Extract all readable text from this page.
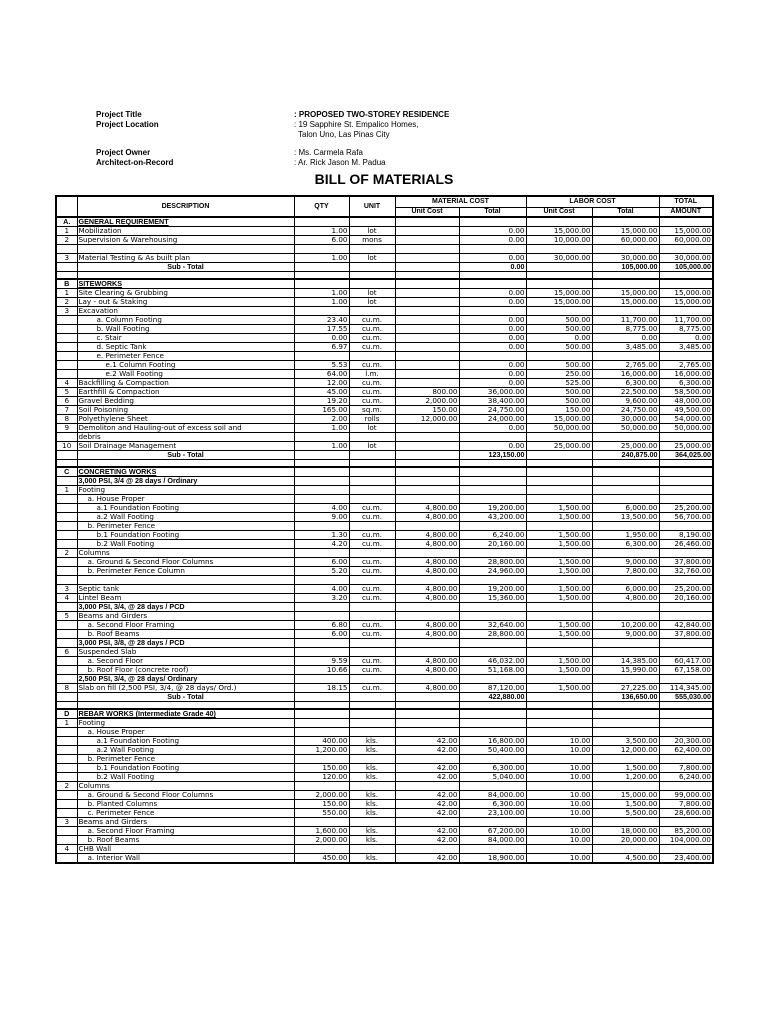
Project Title	: PROPOSED TWO-STOREY RESIDENCE
Project Location	: 19 Sapphire St. Empalico Homes,
Talon Uno, Las Pinas City
Project Owner	: Ms. Carmela Rafa
Architect-on-Record	: Ar. Rick Jason M. Padua
BILL OF MATERIALS
	DESCRIPTION	QTY	UNIT	MATERIAL COST		LABOR COST		TOTAL
				Unit Cost	Total	Unit Cost	Total	AMOUNT
A.	GENERAL REQUIREMENT							
1	Mobilization	1.00	lot		0.00	15,000.00	15,000.00	15,000.00
2	Supervision & Warehousing	6.00	mons		0.00	10,000.00	60,000.00	60,000.00

3	Material Testing & As built plan	1.00	lot		0.00	30,000.00	30,000.00	30,000.00
	Sub - Total				0.00		105,000.00	105,000.00

B	SITEWORKS							
1	Site Clearing & Grubbing	1.00	lot		0.00	15,000.00	15,000.00	15,000.00
2	Lay - out & Staking	1.00	lot		0.00	15,000.00	15,000.00	15,000.00
3	Excavation							
	a. Column Footing	23.40	cu.m.		0.00	500.00	11,700.00	11,700.00
	b. Wall Footing	17.55	cu.m.		0.00	500.00	8,775.00	8,775.00
	c. Stair	0.00	cu.m.		0.00	0.00	0.00	0.00
	d. Septic Tank	6.97	cu.m.		0.00	500.00	3,485.00	3,485.00
	e. Perimeter Fence							
	e.1 Column Footing	5.53	cu.m.		0.00	500.00	2,765.00	2,765.00
	e.2 Wall Footing	64.00	l.m.		0.00	250.00	16,000.00	16,000.00
4	Backfilling & Compaction	12.00	cu.m.		0.00	525.00	6,300.00	6,300.00
5	Earthfill & Compaction	45.00	cu.m.	800.00	36,000.00	500.00	22,500.00	58,500.00
6	Gravel Bedding	19.20	cu.m.	2,000.00	38,400.00	500.00	9,600.00	48,000.00
7	Soil Poisoning	165.00	sq.m.	150.00	24,750.00	150.00	24,750.00	49,500.00
8	Polyethylene Sheet	2.00	rolls	12,000.00	24,000.00	15,000.00	30,000.00	54,000.00
9	Demoliton and Hauling-out of excess soil and	1.00	lot		0.00	50,000.00	50,000.00	50,000.00
	debris							
10	Soil Drainage Management	1.00	lot		0.00	25,000.00	25,000.00	25,000.00
	Sub - Total				123,150.00		240,875.00	364,025.00

C	CONCRETING WORKS							
	3,000 PSI, 3/4 @ 28 days / Ordinary							
1	Footing							
	a. House Proper							
	a.1 Foundation Footing	4.00	cu.m.	4,800.00	19,200.00	1,500.00	6,000.00	25,200.00
	a.2 Wall Footing	9.00	cu.m.	4,800.00	43,200.00	1,500.00	13,500.00	56,700.00
	b. Perimeter Fence							
	b.1 Foundation Footing	1.30	cu.m.	4,800.00	6,240.00	1,500.00	1,950.00	8,190.00
	b.2 Wall Footing	4.20	cu.m.	4,800.00	20,160.00	1,500.00	6,300.00	26,460.00
2	Columns							
	a. Ground & Second Floor Columns	6.00	cu.m.	4,800.00	28,800.00	1,500.00	9,000.00	37,800.00
	b. Perimeter Fence Column	5.20	cu.m.	4,800.00	24,960.00	1,500.00	7,800.00	32,760.00

3	Septic tank	4.00	cu.m.	4,800.00	19,200.00	1,500.00	6,000.00	25,200.00
4	Lintel Beam	3.20	cu.m.	4,800.00	15,360.00	1,500.00	4,800.00	20,160.00
	3,000 PSI, 3/4, @ 28 days / PCD							
5	Beams and Girders							
	a. Second Floor Framing	6.80	cu.m.	4,800.00	32,640.00	1,500.00	10,200.00	42,840.00
	b. Roof Beams	6.00	cu.m.	4,800.00	28,800.00	1,500.00	9,000.00	37,800.00
	3,000 PSI, 3/8, @ 28 days / PCD							
6	Suspended Slab							
	a. Second Floor	9.59	cu.m.	4,800.00	46,032.00	1,500.00	14,385.00	60,417.00
	b. Roof Floor (concrete roof)	10.66	cu.m.	4,800.00	51,168.00	1,500.00	15,990.00	67,158.00
	2,500 PSI, 3/4, @ 28 days/ Ordinary							
8	Slab on fill (2,500 PSI, 3/4, @ 28 days/ Ord.)	18.15	cu.m.	4,800.00	87,120.00	1,500.00	27,225.00	114,345.00
	Sub - Total				422,880.00		136,650.00	555,030.00

D	REBAR WORKS (Intermediate Grade 40)							
1	Footing							
	a. House Proper							
	a.1 Foundation Footing	400.00	kls.	42.00	16,800.00	10.00	3,500.00	20,300.00
	a.2 Wall Footing	1,200.00	kls.	42.00	50,400.00	10.00	12,000.00	62,400.00
	b. Perimeter Fence							
	b.1 Foundation Footing	150.00	kls.	42.00	6,300.00	10.00	1,500.00	7,800.00
	b.2 Wall Footing	120.00	kls.	42.00	5,040.00	10.00	1,200.00	6,240.00
2	Columns							
	a. Ground & Second Floor Columns	2,000.00	kls.	42.00	84,000.00	10.00	15,000.00	99,000.00
	b. Planted Columns	150.00	kls.	42.00	6,300.00	10.00	1,500.00	7,800.00
	c. Perimeter Fence	550.00	kls.	42.00	23,100.00	10.00	5,500.00	28,600.00
3	Beams and Girders							
	a. Second Floor Framing	1,600.00	kls.	42.00	67,200.00	10.00	18,000.00	85,200.00
	b. Roof Beams	2,000.00	kls.	42.00	84,000.00	10.00	20,000.00	104,000.00
4	CHB Wall							
	a. Interior Wall	450.00	kls.	42.00	18,900.00	10.00	4,500.00	23,400.00
